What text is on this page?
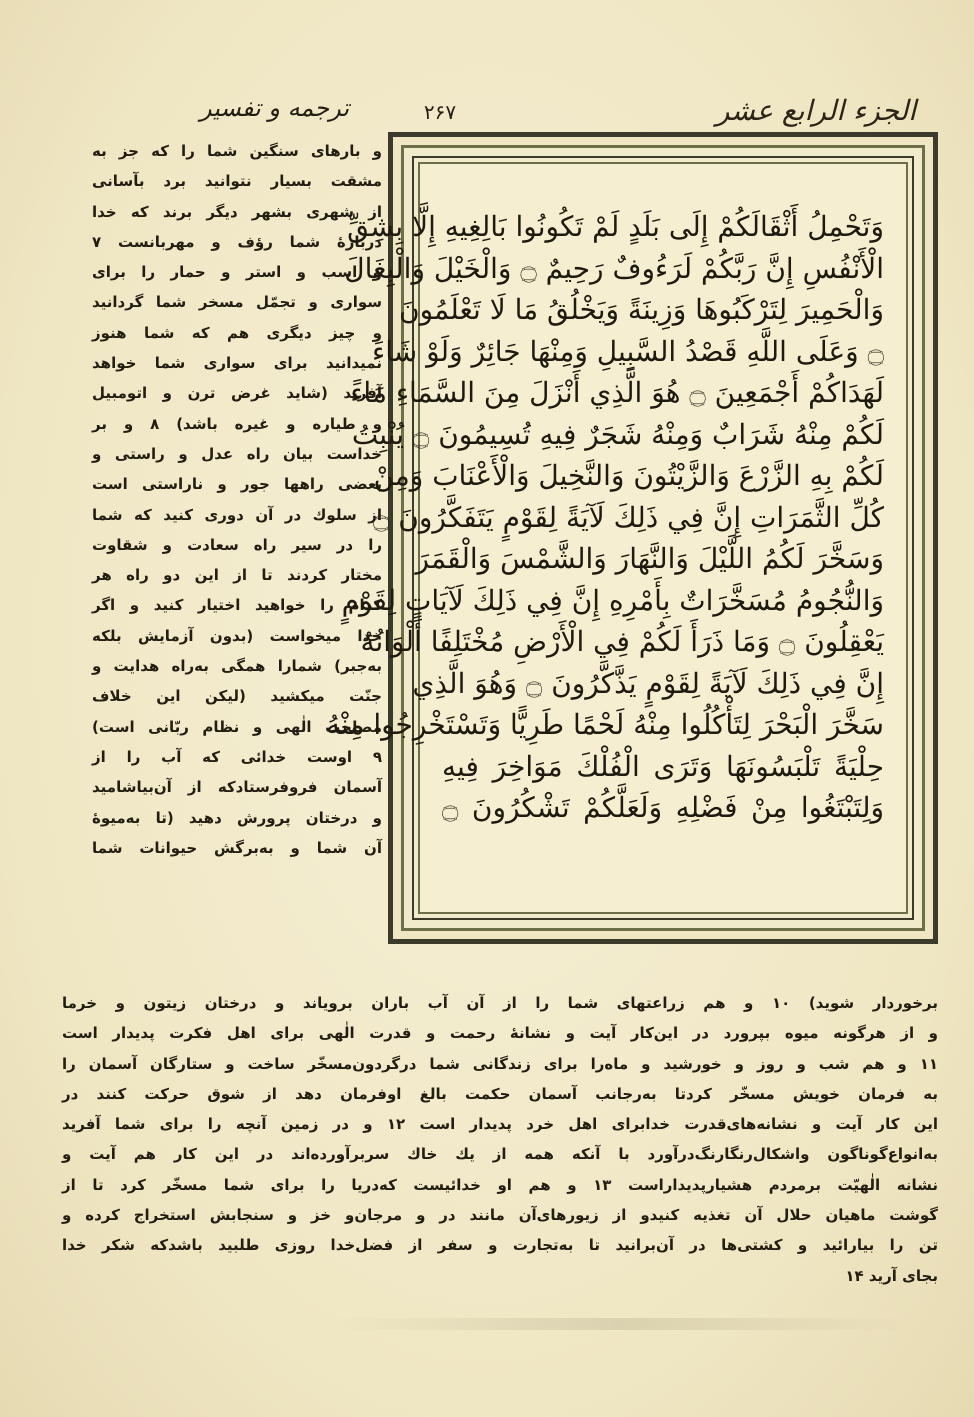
الجزء الرابع عشر
۲۶۷
ترجمه و تفسیر
و بارهای سنگین شما را که جز به
مشقت بسیار نتوانید برد بآسانی
از شهری بشهر دیگر برند که خدا
دربارهٔ شما رؤف و مهربانست ۷
و اسب و استر و حمار را برای
سواری و تجمّل مسخر شما گردانید
و چیز دیگری هم که شما هنوز
نمیدانید برای سواری شما خواهد
آفرید (شاید غرض ترن و اتومبیل
و طیاره و غیره باشد) ۸ و بر
خداست بیان راه عدل و راستی و
بعضی راهها جور و ناراستی است
از سلوك در آن دوری کنید که شما
را در سیر راه سعادت و شقاوت
مختار کردند تا از این دو راه هر
کدام را خواهید اختیار کنید و اگر
خدا میخواست (بدون آزمایش بلکه
به‌جبر) شمارا همگی به‌راه هدایت و
جنّت میکشید (لیکن این خلاف
مصلحت الٰهی و نظام ربّانی است)
۹ اوست خدائی که آب را از
آسمان فروفرستادکه از آن‌بیاشامید
و درختان پرورش دهید (تا به‌میوهٔ
آن شما و به‌برگش حیوانات شما
وَتَحْمِلُ أَثْقَالَكُمْ إِلَى بَلَدٍ لَمْ تَكُونُوا بَالِغِيهِ إِلَّا بِشِقِّ
الْأَنْفُسِ إِنَّ رَبَّكُمْ لَرَءُوفٌ رَحِيمٌ ۝ وَالْخَيْلَ وَالْبِغَالَ
وَالْحَمِيرَ لِتَرْكَبُوهَا وَزِينَةً وَيَخْلُقُ مَا لَا تَعْلَمُونَ
۝ وَعَلَى اللَّهِ قَصْدُ السَّبِيلِ وَمِنْهَا جَائِرٌ وَلَوْ شَاءَ
لَهَدَاكُمْ أَجْمَعِينَ ۝ هُوَ الَّذِي أَنْزَلَ مِنَ السَّمَاءِ مَاءً
لَكُمْ مِنْهُ شَرَابٌ وَمِنْهُ شَجَرٌ فِيهِ تُسِيمُونَ ۝ يُنْبِتُ
لَكُمْ بِهِ الزَّرْعَ وَالزَّيْتُونَ وَالنَّخِيلَ وَالْأَعْنَابَ وَمِنْ
كُلِّ الثَّمَرَاتِ إِنَّ فِي ذَلِكَ لَآيَةً لِقَوْمٍ يَتَفَكَّرُونَ ۝
وَسَخَّرَ لَكُمُ اللَّيْلَ وَالنَّهَارَ وَالشَّمْسَ وَالْقَمَرَ
وَالنُّجُومُ مُسَخَّرَاتٌ بِأَمْرِهِ إِنَّ فِي ذَلِكَ لَآيَاتٍ لِقَوْمٍ
يَعْقِلُونَ ۝ وَمَا ذَرَأَ لَكُمْ فِي الْأَرْضِ مُخْتَلِفًا أَلْوَانُهُ
إِنَّ فِي ذَلِكَ لَآيَةً لِقَوْمٍ يَذَّكَّرُونَ ۝ وَهُوَ الَّذِي
سَخَّرَ الْبَحْرَ لِتَأْكُلُوا مِنْهُ لَحْمًا طَرِيًّا وَتَسْتَخْرِجُوا مِنْهُ
حِلْيَةً تَلْبَسُونَهَا وَتَرَى الْفُلْكَ مَوَاخِرَ فِيهِ
وَلِتَبْتَغُوا مِنْ فَضْلِهِ وَلَعَلَّكُمْ تَشْكُرُونَ ۝
برخوردار شوید) ۱۰ و هم زراعتهای شما را از آن آب باران برویاند و درختان زیتون و خرما
و از هرگونه میوه بپرورد در این‌کار آیت و نشانهٔ رحمت و قدرت الٰهی برای اهل فکرت پدیدار است
۱۱ و هم شب و روز و خورشید و ماه‌را برای زندگانی شما درگردون‌مسخّر ساخت و ستارگان آسمان را
به فرمان خویش مسخّر کردتا به‌رجانب آسمان حکمت بالغ اوفرمان دهد از شوق حرکت کنند در
این کار آیت و نشانه‌های‌قدرت خدابرای اهل خرد پدیدار است ۱۲ و در زمین آنچه را برای شما آفرید
به‌انواع‌گوناگون واشکال‌رنگارنگ‌درآورد با آنکه همه از یك خاك سربرآورده‌اند در این کار هم آیت و
نشانه الٰهیّت برمردم هشیارپدیداراست ۱۳ و هم او خدائیست که‌دریا را برای شما مسخّر کرد تا از
گوشت ماهیان حلال آن تغذیه کنیدو از زیورهای‌آن مانند در و مرجان‌و خز و سنجابش استخراج کرده و
تن را بیارائید و کشتی‌ها در آن‌برانید تا به‌تجارت و سفر از فضل‌خدا روزی طلبید باشدکه شکر خدا
بجای آرید ۱۴
